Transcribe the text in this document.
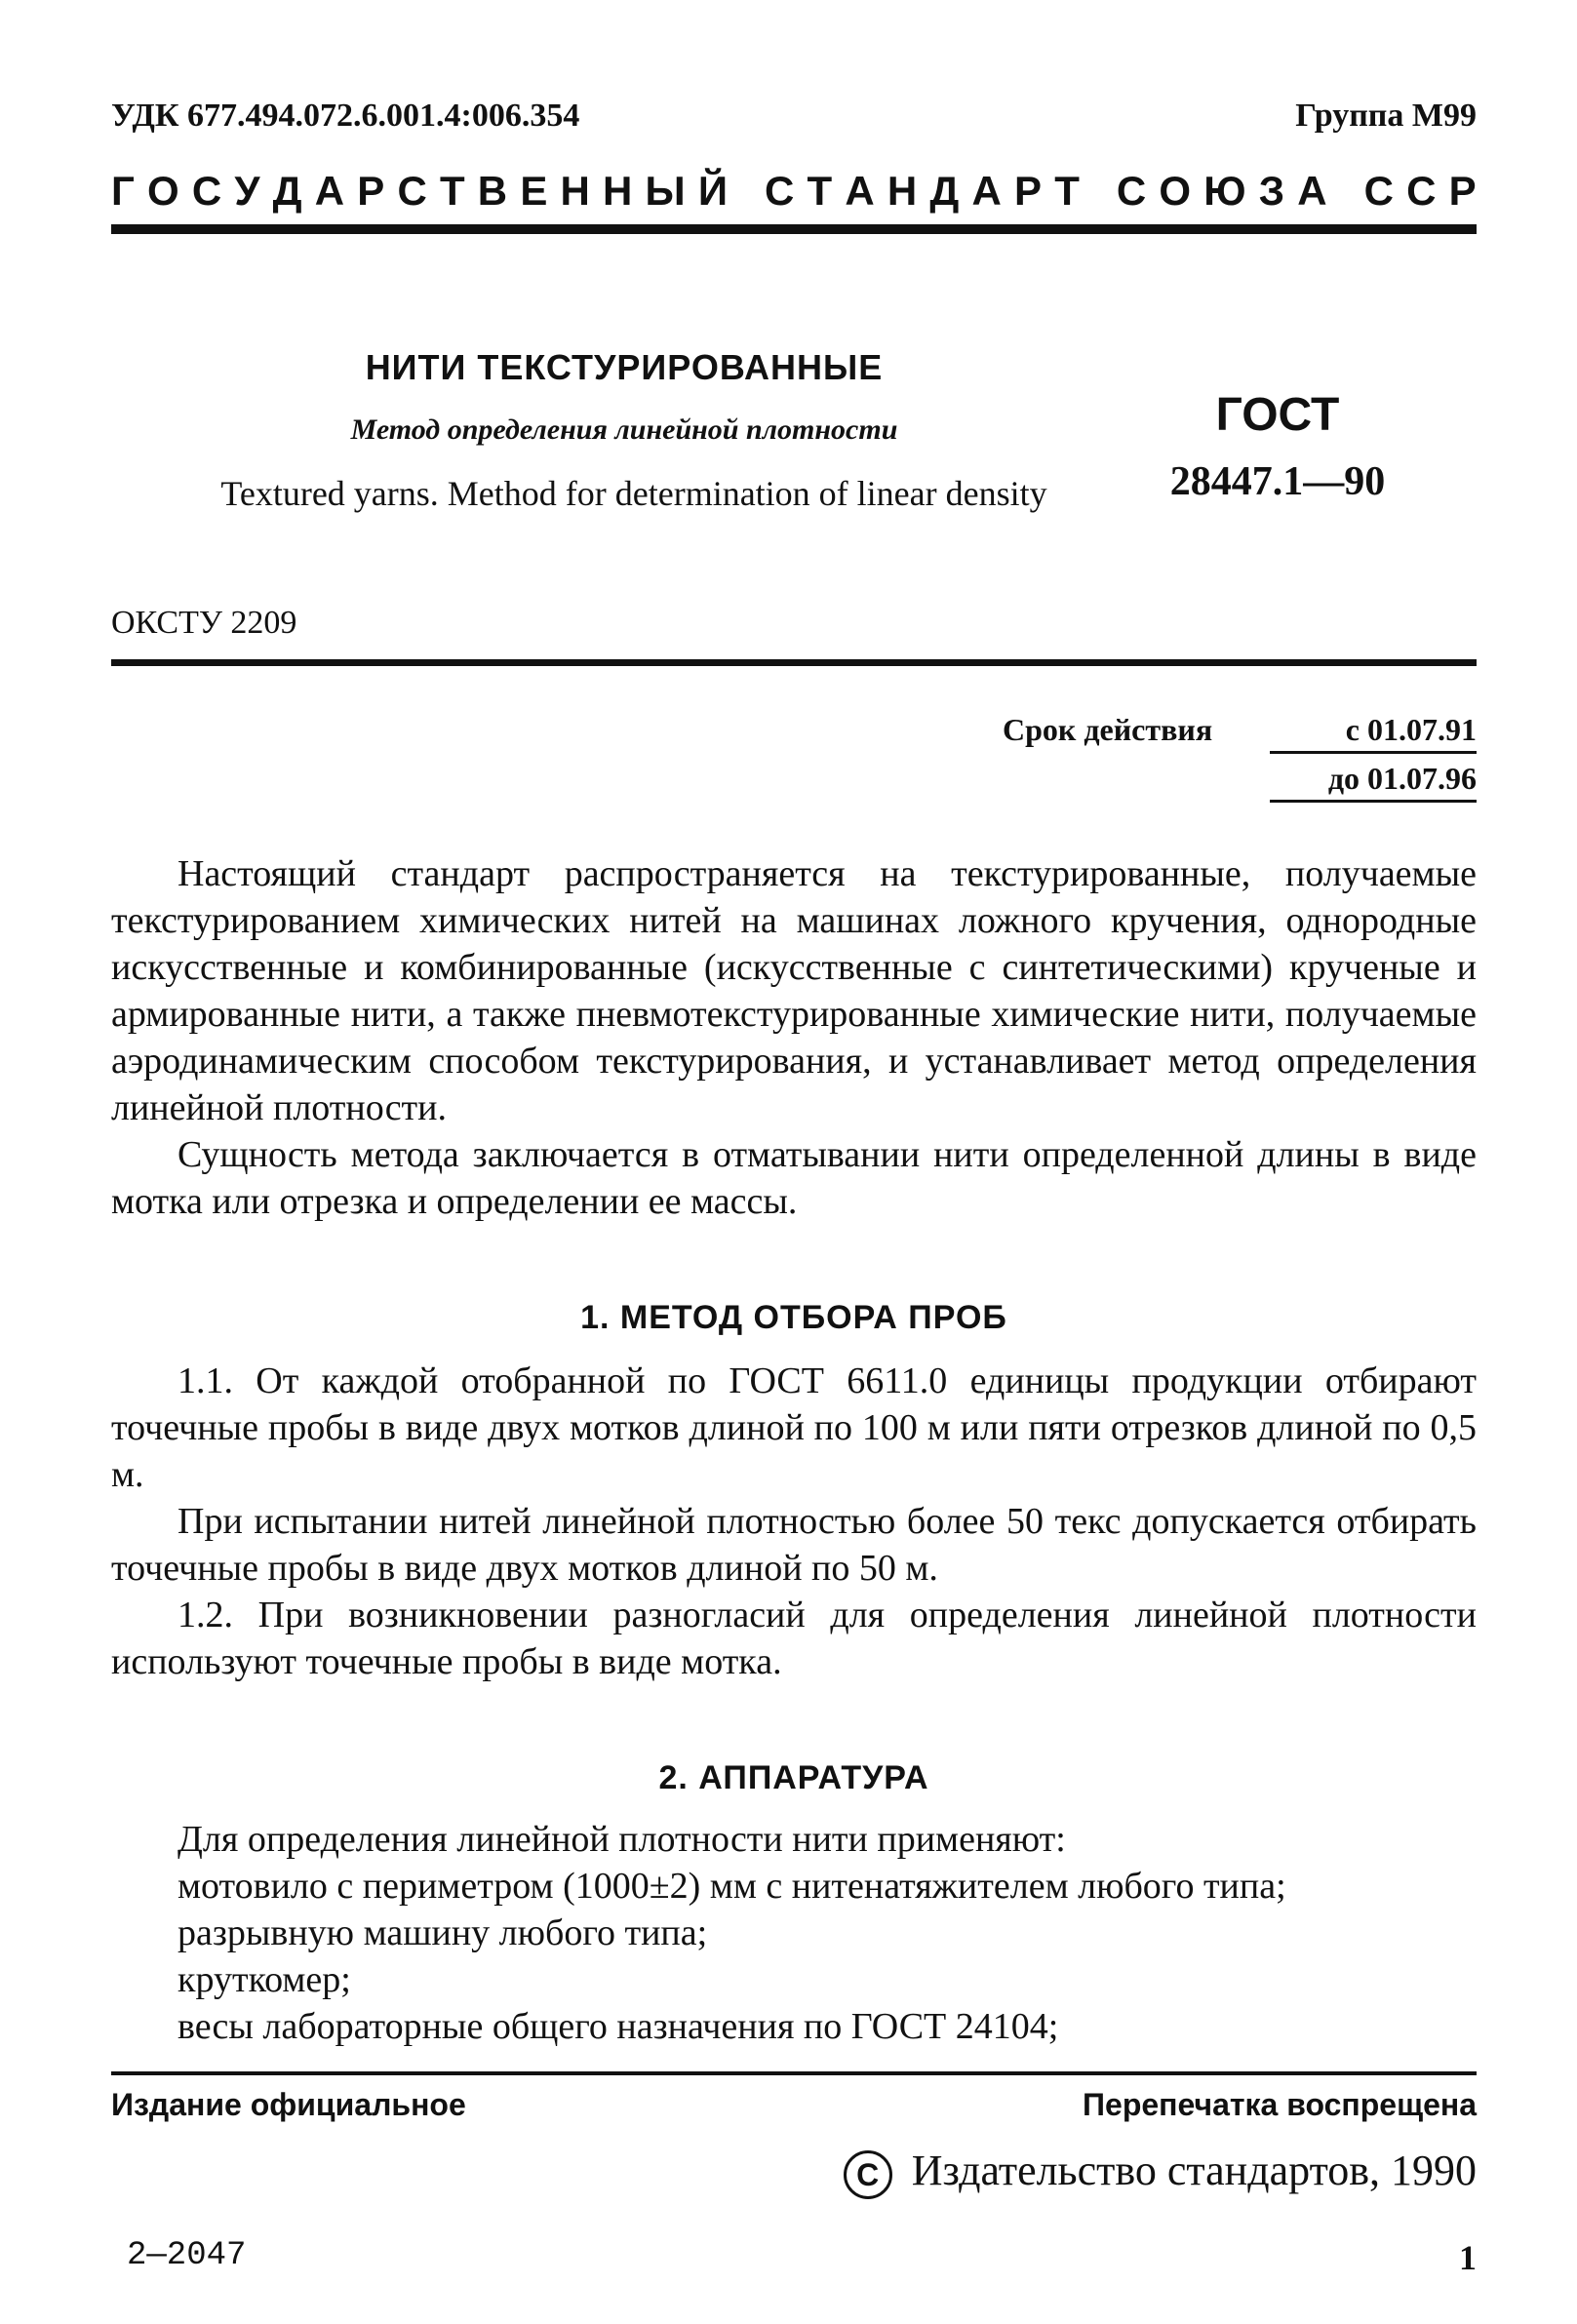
УДК 677.494.072.6.001.4:006.354	Группа М99
Г О С У Д А Р С Т В Е Н Н Ы Й
С Т А Н Д А Р Т
С О Ю З А
С С Р
НИТИ ТЕКСТУРИРОВАННЫЕ
Метод определения линейной плотности
Textured yarns. Method for determination of linear density
ГОСТ
28447.1—90
ОКСТУ 2209
Срок действия	с 01.07.91
до 01.07.96

Настоящий стандарт распространяется на текстурированные, получаемые текстурированием химических нитей на машинах ложного кручения, однородные искусственные и комбинированные (искусственные с синтетическими) крученые и армированные нити, а также пневмотекстурированные химические нити, получаемые аэродинамическим способом текстурирования, и устанавливает метод определения линейной плотности.

Сущность метода заключается в отматывании нити определенной длины в виде мотка или отрезка и определении ее массы.

1. МЕТОД ОТБОРА ПРОБ

1.1. От каждой отобранной по ГОСТ 6611.0 единицы продукции отбирают точечные пробы в виде двух мотков длиной по 100 м или пяти отрезков длиной по 0,5 м.

При испытании нитей линейной плотностью более 50 текс допускается отбирать точечные пробы в виде двух мотков длиной по 50 м.

1.2. При возникновении разногласий для определения линейной плотности используют точечные пробы в виде мотка.

2. АППАРАТУРА

Для определения линейной плотности нити применяют:

мотовило с периметром (1000±2) мм с нитенатяжителем любого типа;

разрывную машину любого типа;

круткомер;

весы лабораторные общего назначения по ГОСТ 24104;

Издание официальное	Перепечатка воспрещена
С Издательство стандартов, 1990
2—2047	1
